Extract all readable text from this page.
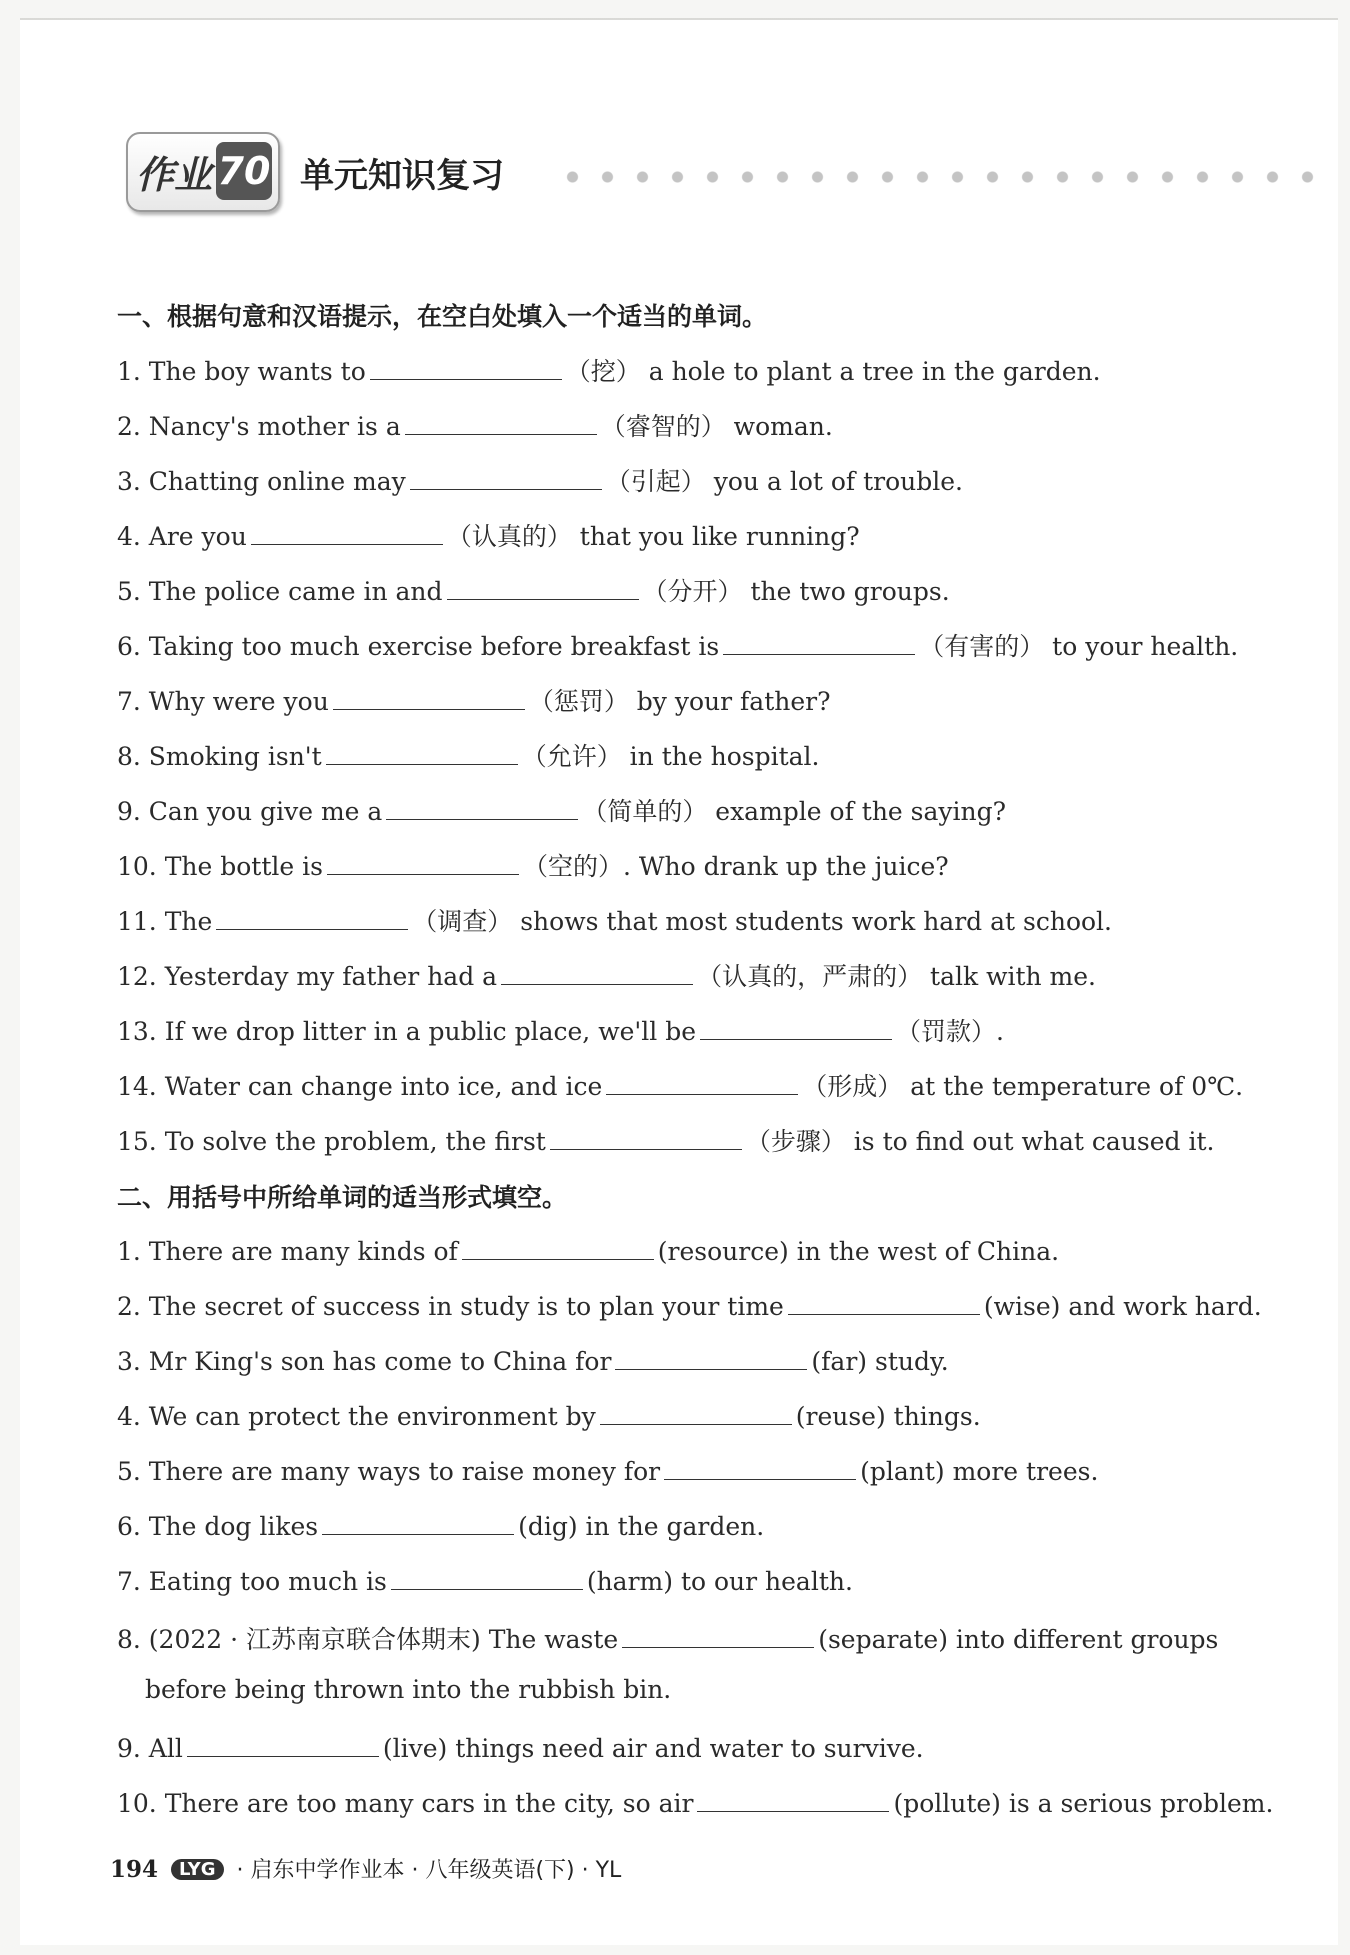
作业 70 单元知识复习
一、根据句意和汉语提示，在空白处填入一个适当的单词。
1. The boy wants to	（挖） a hole to plant a tree in the garden.
2. Nancy's mother is a	（睿智的） woman.
3. Chatting online may	（引起） you a lot of trouble.
4. Are you	（认真的） that you like running?
5. The police came in and	（分开） the two groups.
6. Taking too much exercise before breakfast is	（有害的） to your health.
7. Why were you	（惩罚） by your father?
8. Smoking isn't	（允许） in the hospital.
9. Can you give me a	（简单的） example of the saying?
10. The bottle is	（空的）. Who drank up the juice?
11. The	（调查） shows that most students work hard at school.
12. Yesterday my father had a	（认真的，严肃的） talk with me.
13. If we drop litter in a public place, we'll be	（罚款）.
14. Water can change into ice, and ice	（形成） at the temperature of 0℃.
15. To solve the problem, the first	（步骤） is to find out what caused it.
二、用括号中所给单词的适当形式填空。
1. There are many kinds of	(resource) in the west of China.
2. The secret of success in study is to plan your time	(wise) and work hard.
3. Mr King's son has come to China for	(far) study.
4. We can protect the environment by	(reuse) things.
5. There are many ways to raise money for	(plant) more trees.
6. The dog likes	(dig) in the garden.
7. Eating too much is	(harm) to our health.
8. (2022 · 江苏南京联合体期末) The waste	(separate) into different groups
before being thrown into the rubbish bin.
9. All	(live) things need air and water to survive.
10. There are too many cars in the city, so air	(pollute) is a serious problem.
194 LYG · 启东中学作业本 · 八年级英语(下) · YL
